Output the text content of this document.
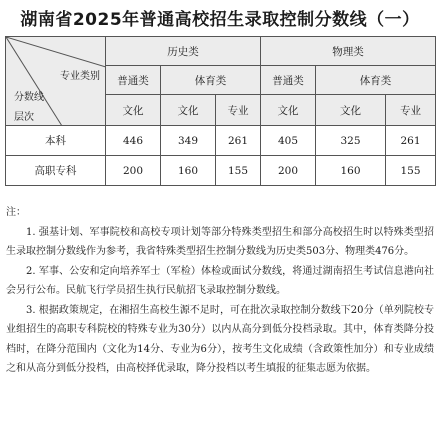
湖南省2025年普通高校招生录取控制分数线（一）
专业类别
分数线
层次	历史类			物理类		
	普通类	体育类		普通类	体育类	
	文化	文化	专业	文化	文化	专业
本科	446	349	261	405	325	261
高职专科	200	160	155	200	160	155

注：

1. 强基计划、军事院校和高校专项计划等部分特殊类型招生和部分高校招生时以特殊类型招生录取控制分数线作为参考，我省特殊类型招生控制分数线为历史类503分、物理类476分。

2. 军事、公安和定向培养军士（军检）体检或面试分数线，将通过湖南招生考试信息港向社会另行公布。民航飞行学员招生执行民航招飞录取控制分数线。

3. 根据政策规定，在湘招生高校生源不足时，可在批次录取控制分数线下20分（单列院校专业组招生的高职专科院校的特殊专业为30分）以内从高分到低分投档录取。其中，体育类降分投档时，在降分范围内（文化为14分、专业为6分），按考生文化成绩（含政策性加分）和专业成绩之和从高分到低分投档，由高校择优录取，降分投档以考生填报的征集志愿为依据。
